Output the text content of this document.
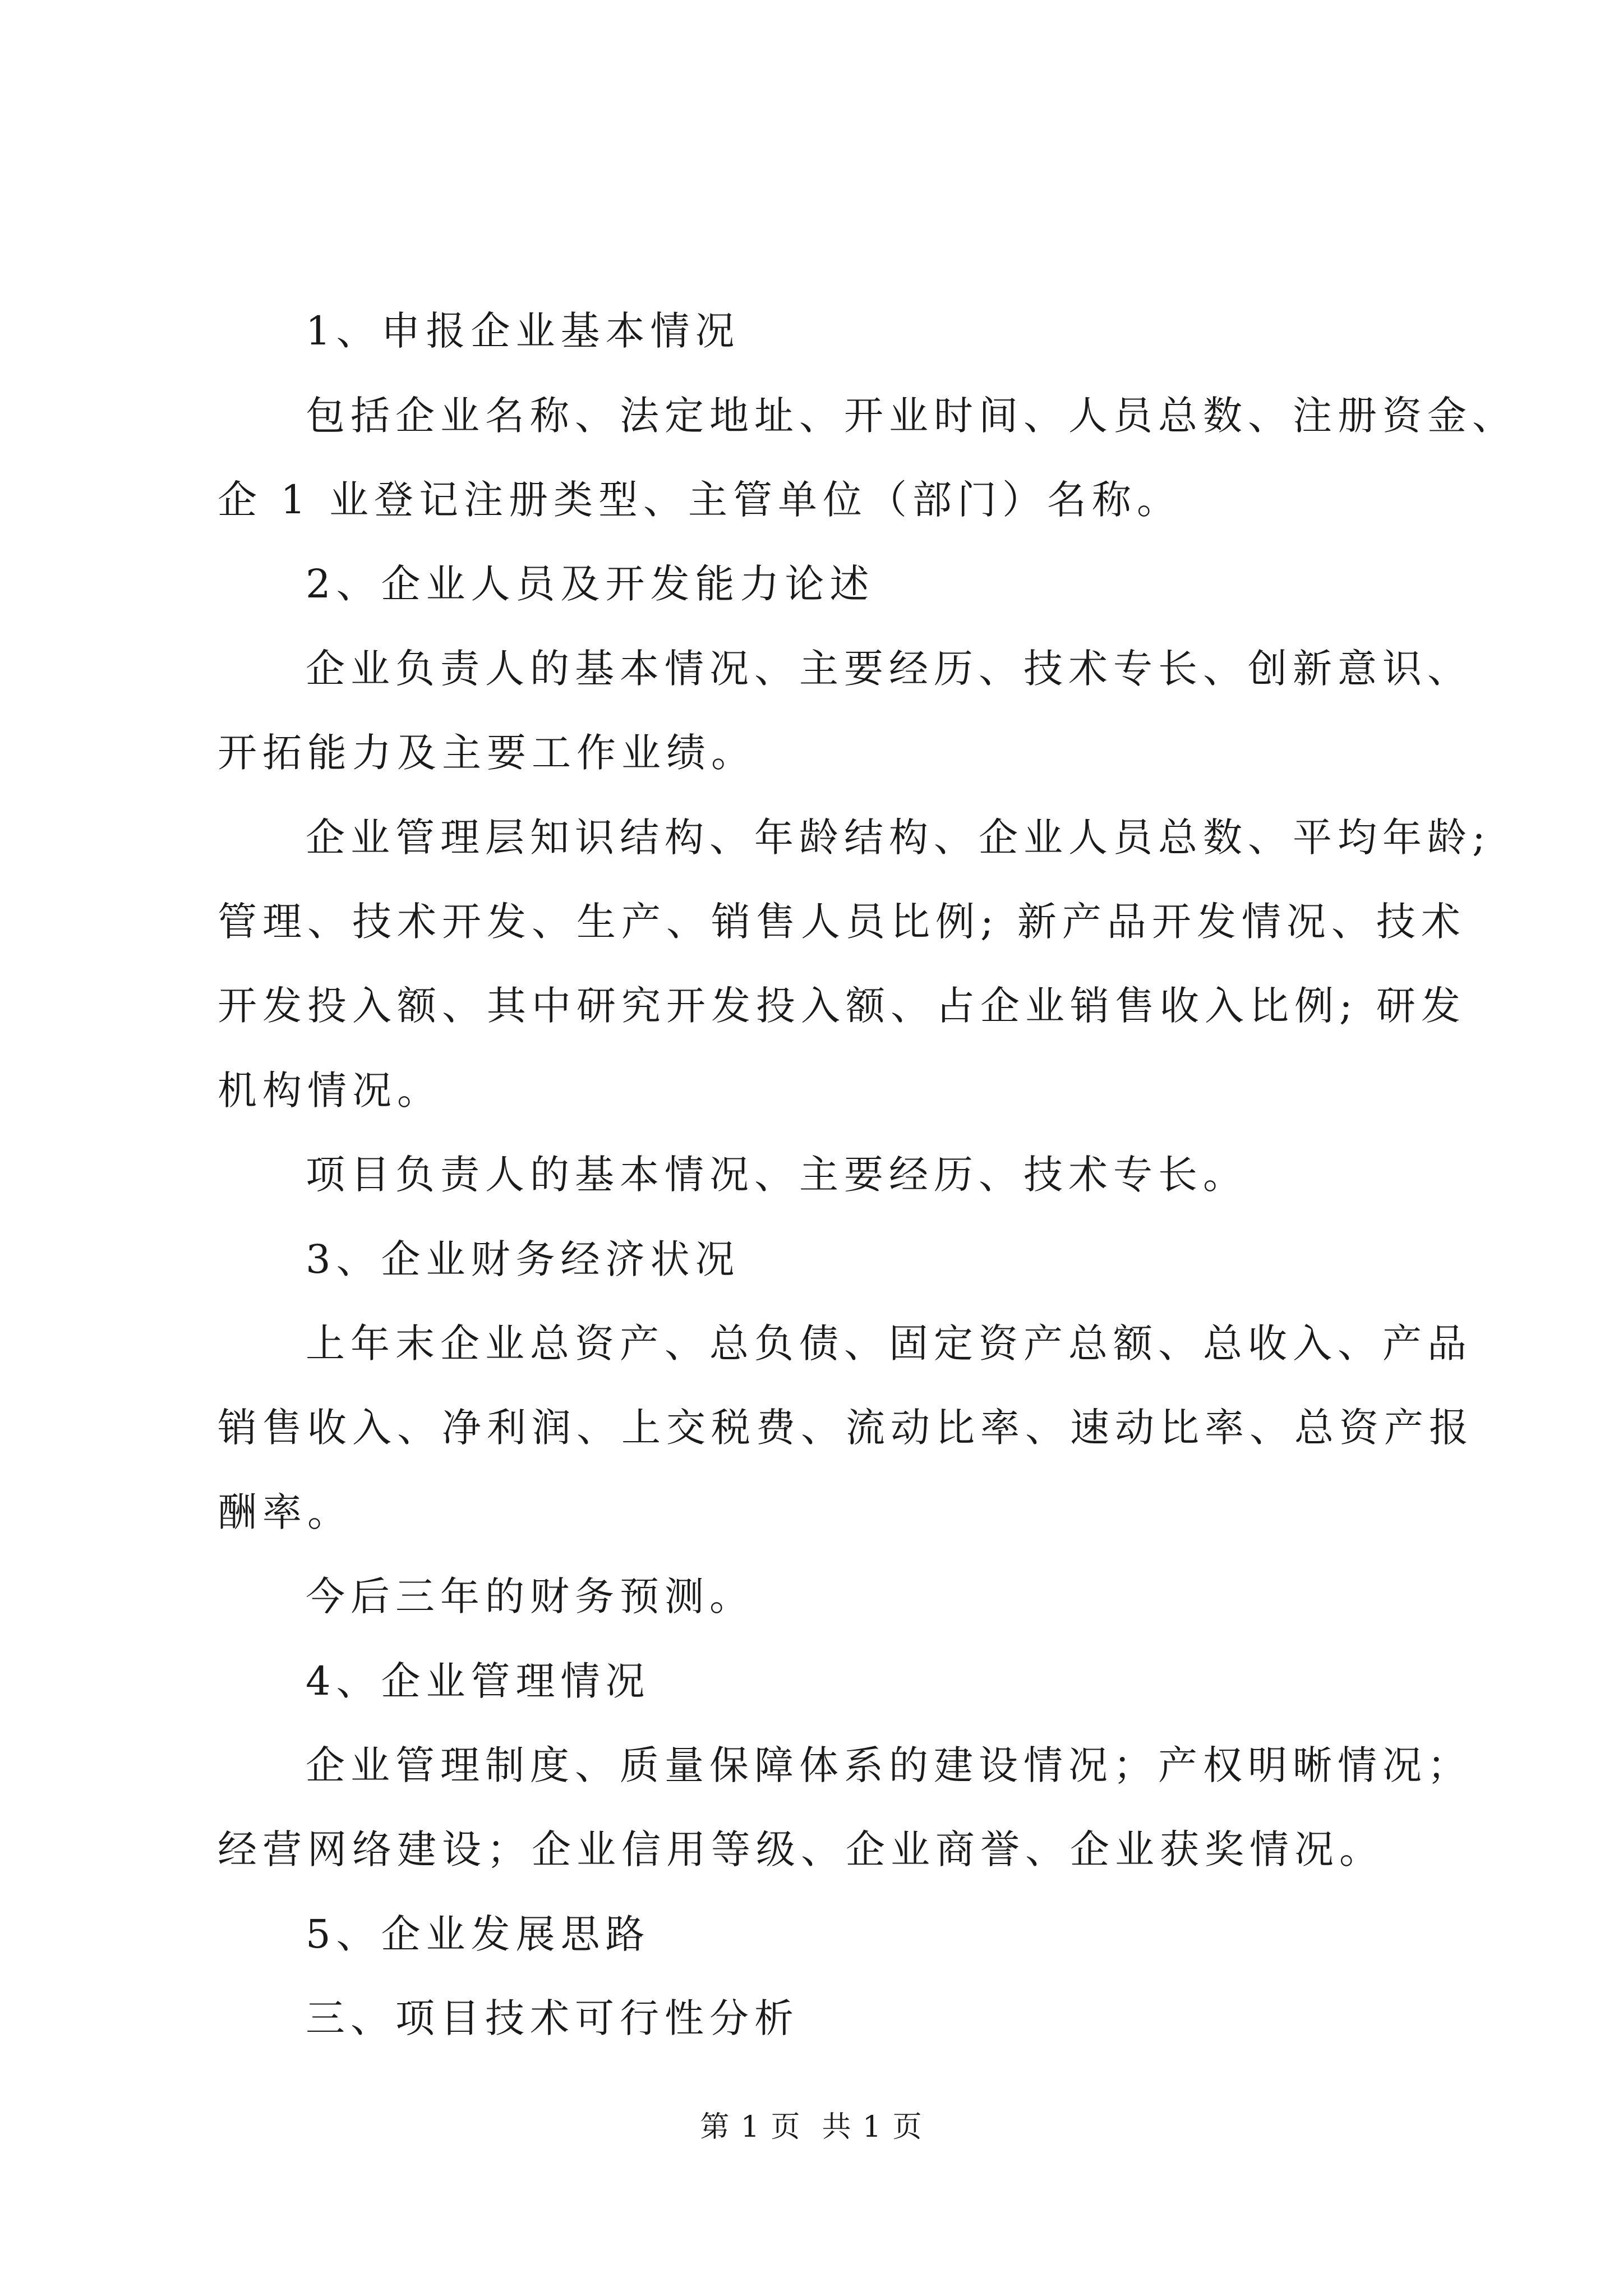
1、申报企业基本情况
包括企业名称、法定地址、开业时间、人员总数、注册资金、
企 1 业登记注册类型、主管单位（部门）名称。
2、企业人员及开发能力论述
企业负责人的基本情况、主要经历、技术专长、创新意识、
开拓能力及主要工作业绩。
企业管理层知识结构、年龄结构、企业人员总数、平均年龄;
管理、技术开发、生产、销售人员比例; 新产品开发情况、技术
开发投入额、其中研究开发投入额、占企业销售收入比例; 研发
机构情况。
项目负责人的基本情况、主要经历、技术专长。
3、企业财务经济状况
上年末企业总资产、总负债、固定资产总额、总收入、产品
销售收入、净利润、上交税费、流动比率、速动比率、总资产报
酬率。
今后三年的财务预测。
4、企业管理情况
企业管理制度、质量保障体系的建设情况；产权明晰情况；
经营网络建设；企业信用等级、企业商誉、企业获奖情况。
5、企业发展思路
三、项目技术可行性分析
第 1 页  共 1 页
